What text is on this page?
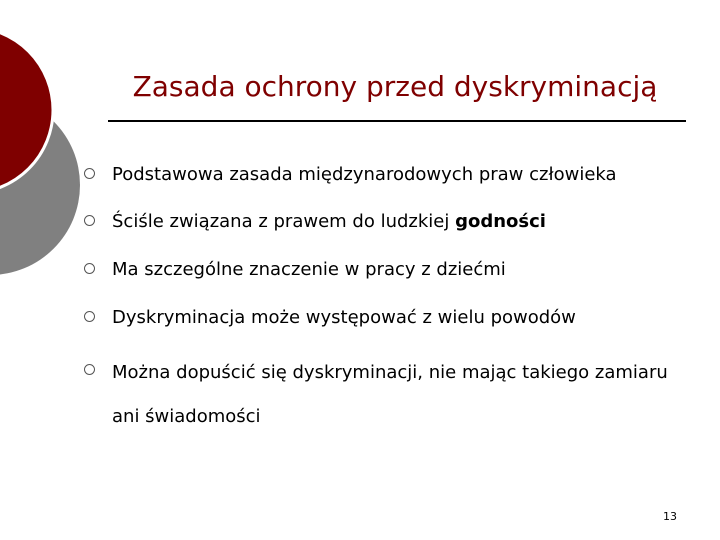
Zasada ochrony przed dyskryminacją
Podstawowa zasada międzynarodowych praw człowieka
Ściśle związana z prawem do ludzkiej godności
Ma szczególne znaczenie w pracy z dziećmi
Dyskryminacja może występować z wielu powodów
Można dopuścić się dyskryminacji, nie mając takiego zamiaru ani świadomości
13
